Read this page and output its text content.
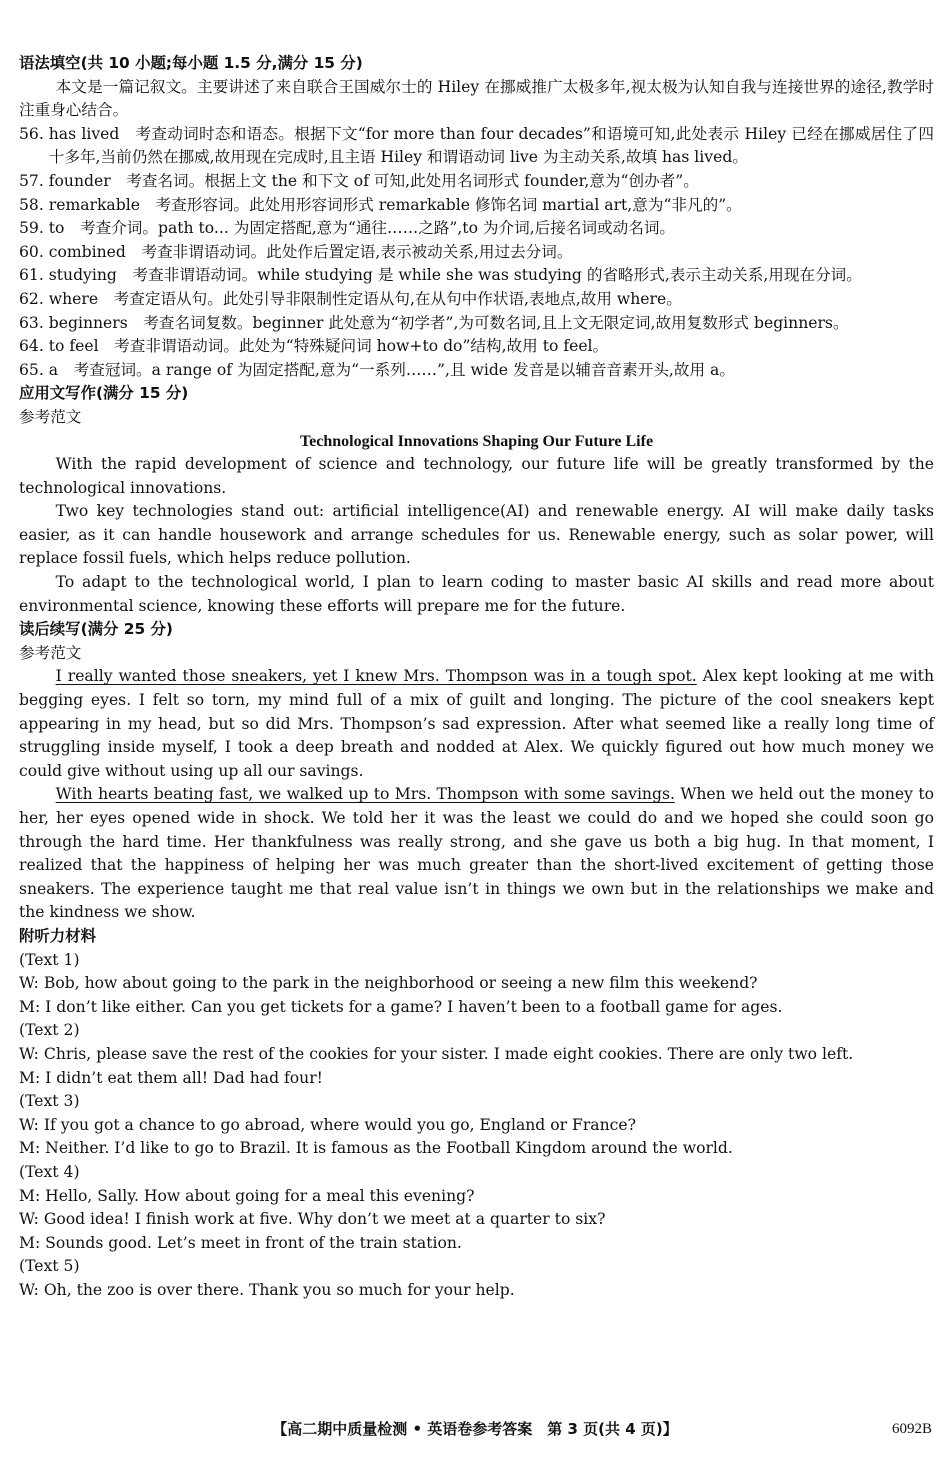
语法填空(共 10 小题;每小题 1.5 分,满分 15 分)

本文是一篇记叙文。主要讲述了来自联合王国威尔士的 Hiley 在挪威推广太极多年,视太极为认知自我与连接世界的途径,教学时注重身心结合。

56. has lived　考查动词时态和语态。根据下文“for more than four decades”和语境可知,此处表示 Hiley 已经在挪威居住了四十多年,当前仍然在挪威,故用现在完成时,且主语 Hiley 和谓语动词 live 为主动关系,故填 has lived。
57. founder　考查名词。根据上文 the 和下文 of 可知,此处用名词形式 founder,意为“创办者”。
58. remarkable　考查形容词。此处用形容词形式 remarkable 修饰名词 martial art,意为“非凡的”。
59. to　考查介词。path to... 为固定搭配,意为“通往……之路”,to 为介词,后接名词或动名词。
60. combined　考查非谓语动词。此处作后置定语,表示被动关系,用过去分词。
61. studying　考查非谓语动词。while studying 是 while she was studying 的省略形式,表示主动关系,用现在分词。
62. where　考查定语从句。此处引导非限制性定语从句,在从句中作状语,表地点,故用 where。
63. beginners　考查名词复数。beginner 此处意为“初学者”,为可数名词,且上文无限定词,故用复数形式 beginners。
64. to feel　考查非谓语动词。此处为“特殊疑问词 how+to do”结构,故用 to feel。
65. a　考查冠词。a range of 为固定搭配,意为“一系列……”,且 wide 发音是以辅音音素开头,故用 a。
应用文写作(满分 15 分)
参考范文
Technological Innovations Shaping Our Future Life

With the rapid development of science and technology, our future life will be greatly transformed by the technological innovations.

Two key technologies stand out: artificial intelligence(AI) and renewable energy. AI will make daily tasks easier, as it can handle housework and arrange schedules for us. Renewable energy, such as solar power, will replace fossil fuels, which helps reduce pollution.

To adapt to the technological world, I plan to learn coding to master basic AI skills and read more about environmental science, knowing these efforts will prepare me for the future.

读后续写(满分 25 分)
参考范文

I really wanted those sneakers, yet I knew Mrs. Thompson was in a tough spot. Alex kept looking at me with begging eyes. I felt so torn, my mind full of a mix of guilt and longing. The picture of the cool sneakers kept appearing in my head, but so did Mrs. Thompson’s sad expression. After what seemed like a really long time of struggling inside myself, I took a deep breath and nodded at Alex. We quickly figured out how much money we could give without using up all our savings.

With hearts beating fast, we walked up to Mrs. Thompson with some savings. When we held out the money to her, her eyes opened wide in shock. We told her it was the least we could do and we hoped she could soon go through the hard time. Her thankfulness was really strong, and she gave us both a big hug. In that moment, I realized that the happiness of helping her was much greater than the short-lived excitement of getting those sneakers. The experience taught me that real value isn’t in things we own but in the relationships we make and the kindness we show.

附听力材料
(Text 1)
W: Bob, how about going to the park in the neighborhood or seeing a new film this weekend?
M: I don’t like either. Can you get tickets for a game? I haven’t been to a football game for ages.
(Text 2)
W: Chris, please save the rest of the cookies for your sister. I made eight cookies. There are only two left.
M: I didn’t eat them all! Dad had four!
(Text 3)
W: If you got a chance to go abroad, where would you go, England or France?
M: Neither. I’d like to go to Brazil. It is famous as the Football Kingdom around the world.
(Text 4)
M: Hello, Sally. How about going for a meal this evening?
W: Good idea! I finish work at five. Why don’t we meet at a quarter to six?
M: Sounds good. Let’s meet in front of the train station.
(Text 5)
W: Oh, the zoo is over there. Thank you so much for your help.
【高二期中质量检测 • 英语卷参考答案　第 3 页(共 4 页)】	6092B
